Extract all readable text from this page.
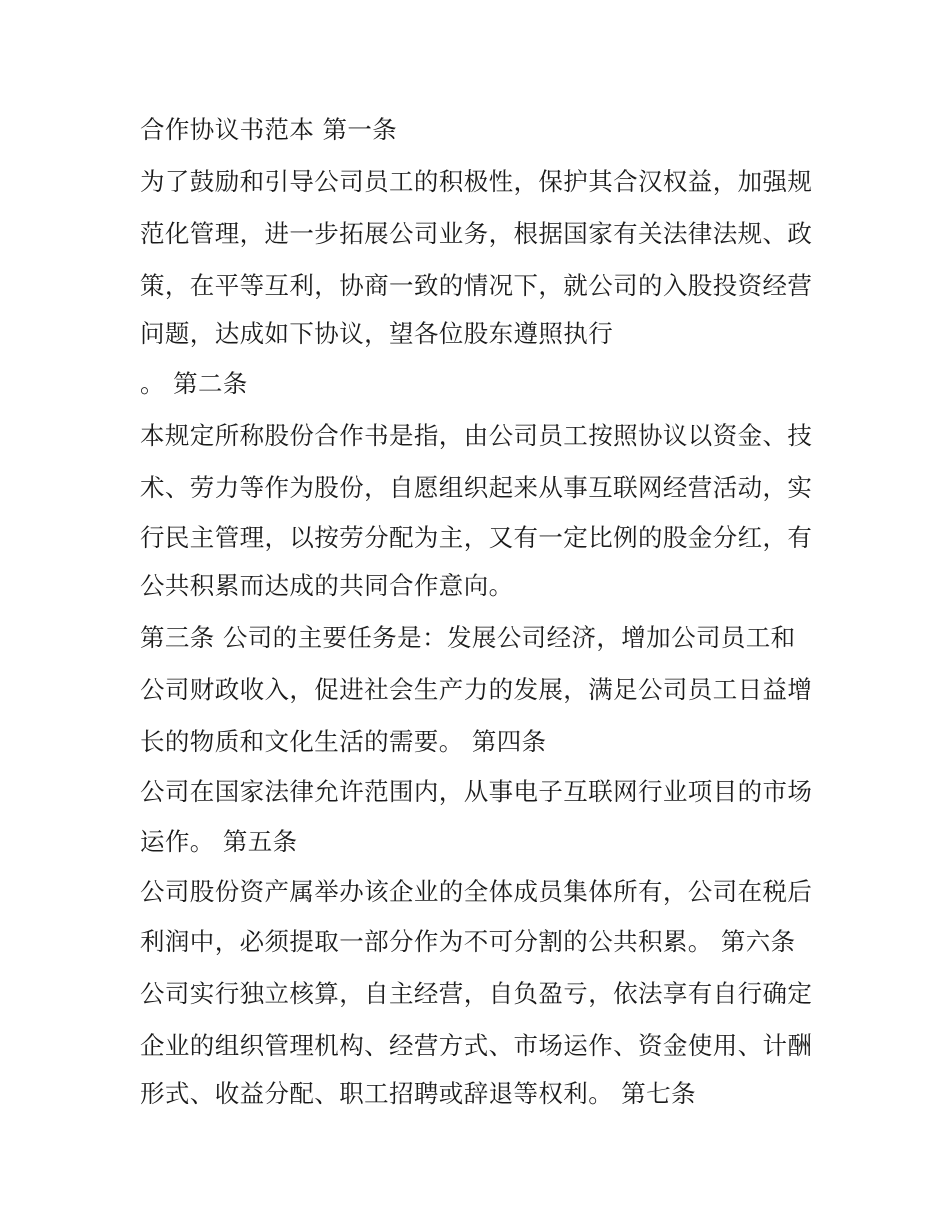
合作协议书范本 第一条
为了鼓励和引导公司员工的积极性，保护其合汉权益，加强规
范化管理，进一步拓展公司业务，根据国家有关法律法规、政
策，在平等互利，协商一致的情况下，就公司的入股投资经营
问题，达成如下协议，望各位股东遵照执行
。 第二条
本规定所称股份合作书是指，由公司员工按照协议以资金、技
术、劳力等作为股份，自愿组织起来从事互联网经营活动，实
行民主管理，以按劳分配为主，又有一定比例的股金分红，有
公共积累而达成的共同合作意向。
第三条 公司的主要任务是：发展公司经济，增加公司员工和
公司财政收入，促进社会生产力的发展，满足公司员工日益增
长的物质和文化生活的需要。 第四条
公司在国家法律允许范围内，从事电子互联网行业项目的市场
运作。 第五条
公司股份资产属举办该企业的全体成员集体所有，公司在税后
利润中，必须提取一部分作为不可分割的公共积累。 第六条
公司实行独立核算，自主经营，自负盈亏，依法享有自行确定
企业的组织管理机构、经营方式、市场运作、资金使用、计酬
形式、收益分配、职工招聘或辞退等权利。 第七条
